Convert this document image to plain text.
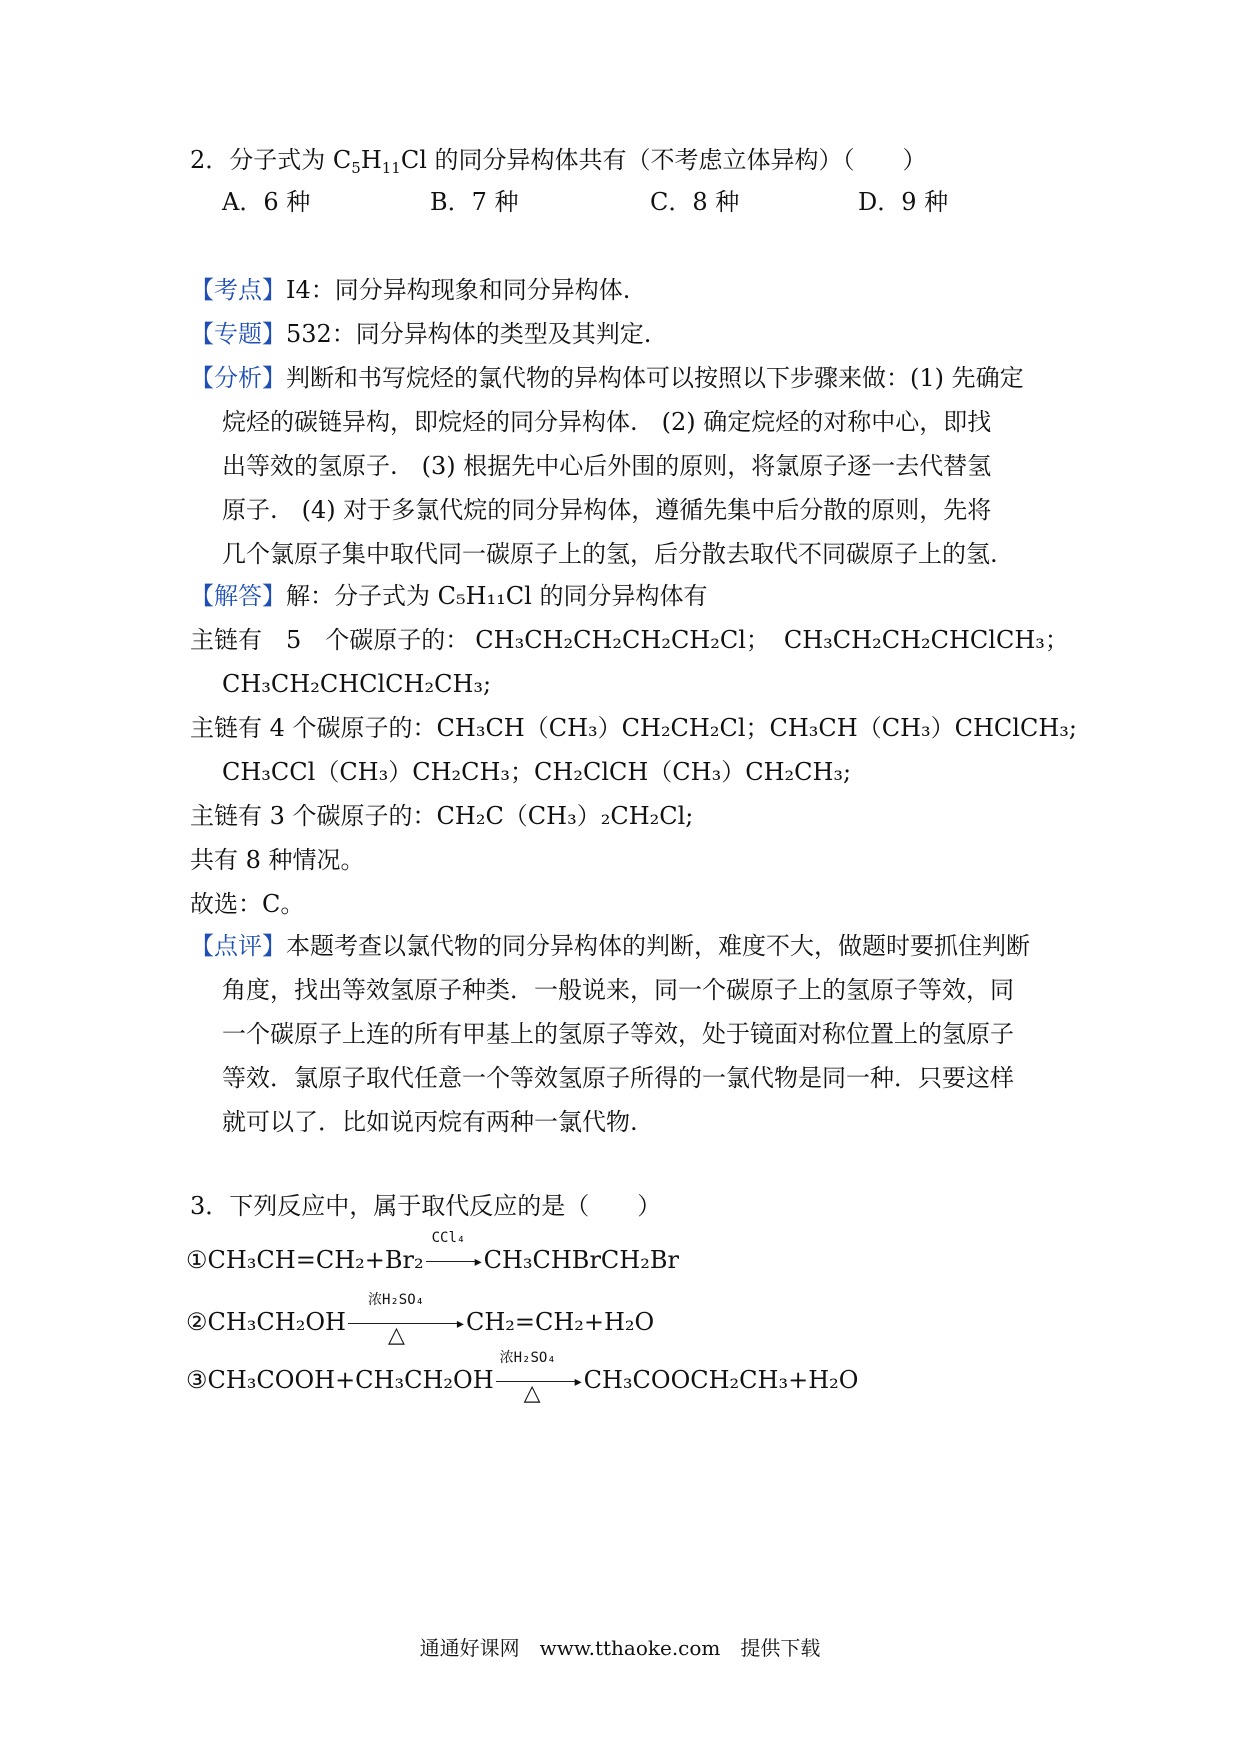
2．分子式为 $C_5H_{11}Cl$ 的同分异构体共有（不考虑立体异构）（　　）
A．6 种	B．7 种	C．8 种	D．9 种
【考点】I4：同分异构现象和同分异构体.
【专题】532：同分异构体的类型及其判定.
【分析】判断和书写烷烃的氯代物的异构体可以按照以下步骤来做：(1) 先确定
烷烃的碳链异构，即烷烃的同分异构体.　(2) 确定烷烃的对称中心，即找
出等效的氢原子.　(3) 根据先中心后外围的原则，将氯原子逐一去代替氢
原子.　(4) 对于多氯代烷的同分异构体，遵循先集中后分散的原则，先将
几个氯原子集中取代同一碳原子上的氢，后分散去取代不同碳原子上的氢.
【解答】解：分子式为 C₅H₁₁Cl 的同分异构体有
主链有　5　个碳原子的： CH₃CH₂CH₂CH₂CH₂Cl； CH₃CH₂CH₂CHClCH₃；
CH₃CH₂CHClCH₂CH₃;
主链有 4 个碳原子的：CH₃CH（CH₃）CH₂CH₂Cl；CH₃CH（CH₃）CHClCH₃;
CH₃CCl（CH₃）CH₂CH₃；CH₂ClCH（CH₃）CH₂CH₃;
主链有 3 个碳原子的：CH₂C（CH₃）₂CH₂Cl;
共有 8 种情况。
故选：C。
【点评】本题考查以氯代物的同分异构体的判断，难度不大，做题时要抓住判断
角度，找出等效氢原子种类．一般说来，同一个碳原子上的氢原子等效，同
一个碳原子上连的所有甲基上的氢原子等效，处于镜面对称位置上的氢原子
等效．氯原子取代任意一个等效氢原子所得的一氯代物是同一种．只要这样
就可以了．比如说丙烷有两种一氯代物.
3．下列反应中，属于取代反应的是（　　）
①CH₃CH=CH₂+Br₂
CCl₄
▸ CH₃CHBrCH₂Br
②CH₃CH₂OH
浓H₂SO₄
▸
△	CH₂=CH₂+H₂O
③CH₃COOH+CH₃CH₂OH
浓H₂SO₄
▸
△ CH₃COOCH₂CH₃+H₂O
通通好课网　www.tthaoke.com　提供下载
